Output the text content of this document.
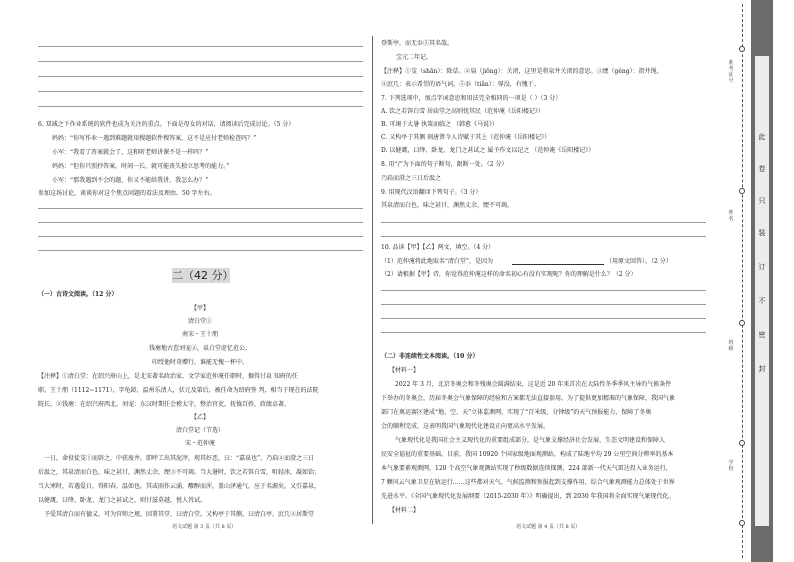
6. 双减之下作业系统的软件也成为关注的重点。下面是母女的对话，请阅读后完成讨论。（5 分）
妈妈：“你写作业一遇到难题就用搜题软件搜答案，这不是应付老师检查吗？”
小军：“我看了答案就会了，这和听老师讲课不是一样吗？”
妈妈：“但你只照抄答案，时间一长，就可能丧失独立思考的能力。”
小军：“那我遇到不会的题，你又不能给我讲，我怎么办？”
参加这场讨论，谈谈你对这个焦点问题的看法及理由。50 字左右。
二（42 分）
（一）古诗文阅读。（12 分）
【甲】
清白堂①
南宋・王十朋
钱塘地古惹刘宠②，泉白堂虚忆范公。
印绶他时奇赠行，谁能无愧一杯中。
【注释】①清白堂：在绍兴府山上，是北宋著名政治家、文学家范仲淹任职时，掘得甘泉 知府的任
职。王十朋（1112~1171），字龟龄，温州乐清人，状元及第后，被任命为绍府签 判，相当于现在的法院
院长。②钱塘：在绍兴府西北。刘宠：东汉时期任会稽太守，整治官吏，抚恤百姓，政绩卓著。
【乙】
清白堂记（节选）
宋・范仲淹
一日，命役徒芟①而辟之，中获废井。即呼工出其泥滓，观其好恶，曰：“嘉泉也”，乃扃②而澄之三日
后汲之，其泉清而白色，味之甚甘，渊然丈余，绠③不可竭。当大暑时，饮之若饵白雪，咀轻冰，凝如饴；
当大寒时，若遇爱日，得阳春，温如也。其或雨作云涌，醪醇而浑，盖山泽通气，应于名源矣。又引嘉泉，
以健溉，曰绛、卧龙、龙门之甚试之，则甘滋莫越，悦人耸试。
予爱其清白而有德义，可为官师之规，因署其堂，曰清白堂。又构亭于其侧，曰清白亭。庶几④居斯堂
语文试题 第 3 页（共 8 页）
登斯亭，而无忝⑤其名哉。
宝元二年记。
【注释】①芟（shān）：除草。②扃（jiōng）：关闭，这里是将泉井关闭的意思。③绠（gěng）：指井绳。
④庶几：表示希望的语气词。⑤忝（tiǎn）：辱没，有愧于。
7. 下列选项中，加点字词意思和用法完全相同的一项是（ ）（3 分）
A. 饮之若饵白雪 居庙堂之高则忧其民（范仲淹《岳阳楼记》）
B. 可竭于大暑 执策而临之 （韩愈《马说》）
C. 又构亭于其侧 刻唐贤今人诗赋于其上（范仲淹《岳阳楼记》）
D. 以健溉，曰绛、卧龙、龙门之甚试之 属予作文以记之 （范仲淹《岳阳楼记》）
8. 用“/”为下面的句子断句，限断一处。（2 分）
乃扃而澄之三日后汲之
9. 用现代汉语翻译下列句子。（3 分）
其泉清而白色，味之甚甘，渊然丈余，绠不可竭。
10. 品读【甲】【乙】两文，填空。（4 分）
（1）范仲淹将此地取名“清白堂”，是因为	（用原文回答）。（2 分）
（2）请根据【甲】诗，你觉得范仲淹这样的命名初心有没有实现呢？你的理解是什么？（2 分）
（二）非连续性文本阅读。（10 分）
【材料一】
2022 年 3 月，北京冬奥会和冬残奥会圆满结束，这是近 20 年来首次在大陆性冬季季风主导的气候条件
下举办的冬奥会，历届冬奥会气象保障的经验和方案都无法直接套用。为了提供更加精准的气象保障，我国气象
部门在奥运赛区建成“地、空、天”立体监测网，实现了“百米级、分钟级”的天气预报能力，保障了冬奥
会的顺利完成，这表明我国气象现代化建设正向更高水平发展。
气象现代化是我国社会主义现代化的重要组成部分，是气象支撑经济社会发展、生态文明建设和保障人
民安全福祉的重要基础。目前，我国 10920 个国家级地面观测站，构成了陆地平均 29 公里空间分辨率的基本
本气象要素观测网，120 个高空气象观测站实现了秒级数据连续探测，224 部新一代天气雷达投入业务运行，
7 颗风云气象卫星在轨运行……这些都对天气、气候监测和预报起到支撑作用，综合气象观测能力总体处于世界
先进水平。《全国气象现代化发展纲要（2015-2030 年）》明确提出，到 2030 年我国将全面实现气象现代化。
【材料二】
语文试题 第 4 页（共 8 页）
准考证号
姓名
班级
学校
此
卷
只
装
订
不
密
封
